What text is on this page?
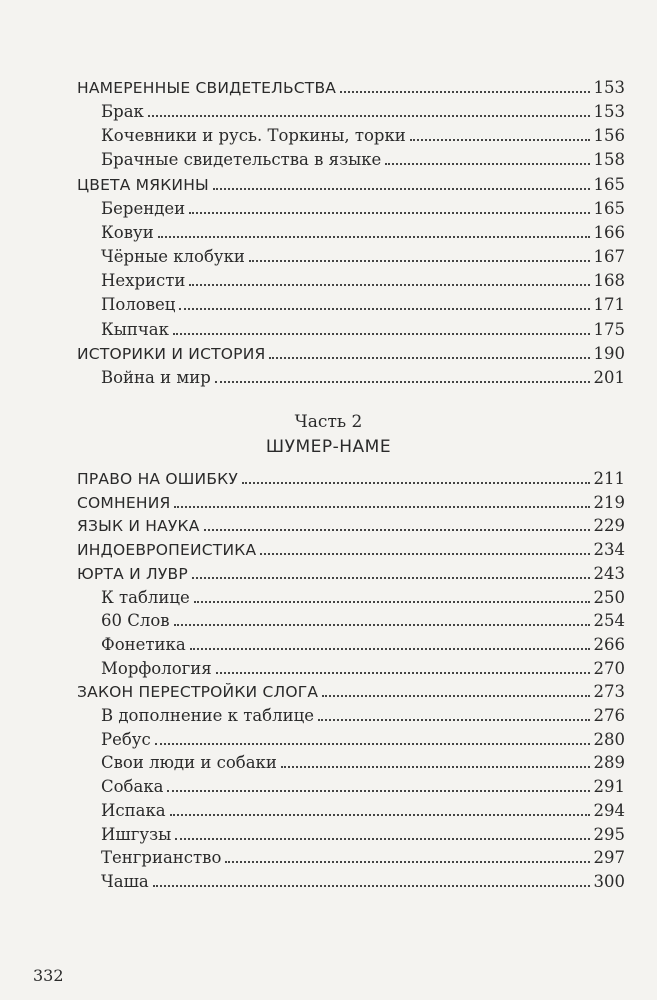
НАМЕРЕННЫЕ СВИДЕТЕЛЬСТВА	153
Брак	153
Кочевники и русь. Торкины, торки	156
Брачные свидетельства в языке	158
ЦВЕТА МЯКИНЫ	165
Берендеи	165
Ковуи	166
Чёрные клобуки	167
Нехристи	168
Половец	171
Кыпчак	175
ИСТОРИКИ И ИСТОРИЯ	190
Война и мир	201
Часть 2
ШУМЕР-НАМЕ
ПРАВО НА ОШИБКУ	211
СОМНЕНИЯ	219
ЯЗЫК И НАУКА	229
ИНДОЕВРОПЕИСТИКА	234
ЮРТА И ЛУВР	243
К таблице	250
60 Слов	254
Фонетика	266
Морфология	270
ЗАКОН ПЕРЕСТРОЙКИ СЛОГА	273
В дополнение к таблице	276
Ребус	280
Свои люди и собаки	289
Собака	291
Испака	294
Ишгузы	295
Тенгрианство	297
Чаша	300
332
